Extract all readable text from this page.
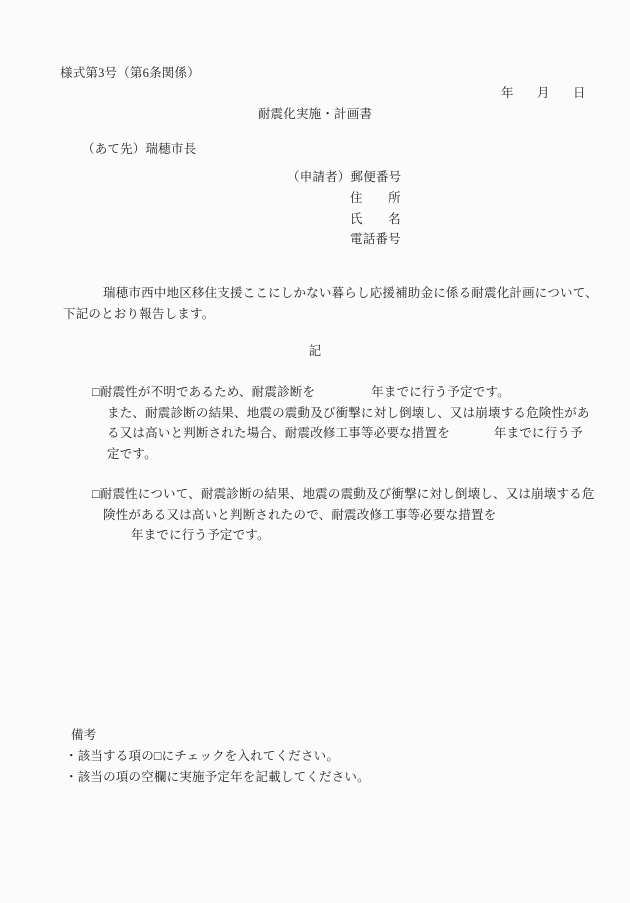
様式第3号（第6条関係）
年　月　日
耐震化実施・計画書
（あて先）瑞穂市長
（申請者）郵便番号
住　　所
氏　　名
電話番号
瑞穂市西中地区移住支援ここにしかない暮らし応援補助金に係る耐震化計画について、
下記のとおり報告します。
記
□耐震性が不明であるため、耐震診断を	年までに行う予定です。
また、耐震診断の結果、地震の震動及び衝撃に対し倒壊し、又は崩壊する危険性があ
る又は高いと判断された場合、耐震改修工事等必要な措置を	年までに行う予
定です。
□耐震性について、耐震診断の結果、地震の震動及び衝撃に対し倒壊し、又は崩壊する危
険性がある又は高いと判断されたので、耐震改修工事等必要な措置を
年までに行う予定です。
備考
・該当する項の□にチェックを入れてください。
・該当の項の空欄に実施予定年を記載してください。
